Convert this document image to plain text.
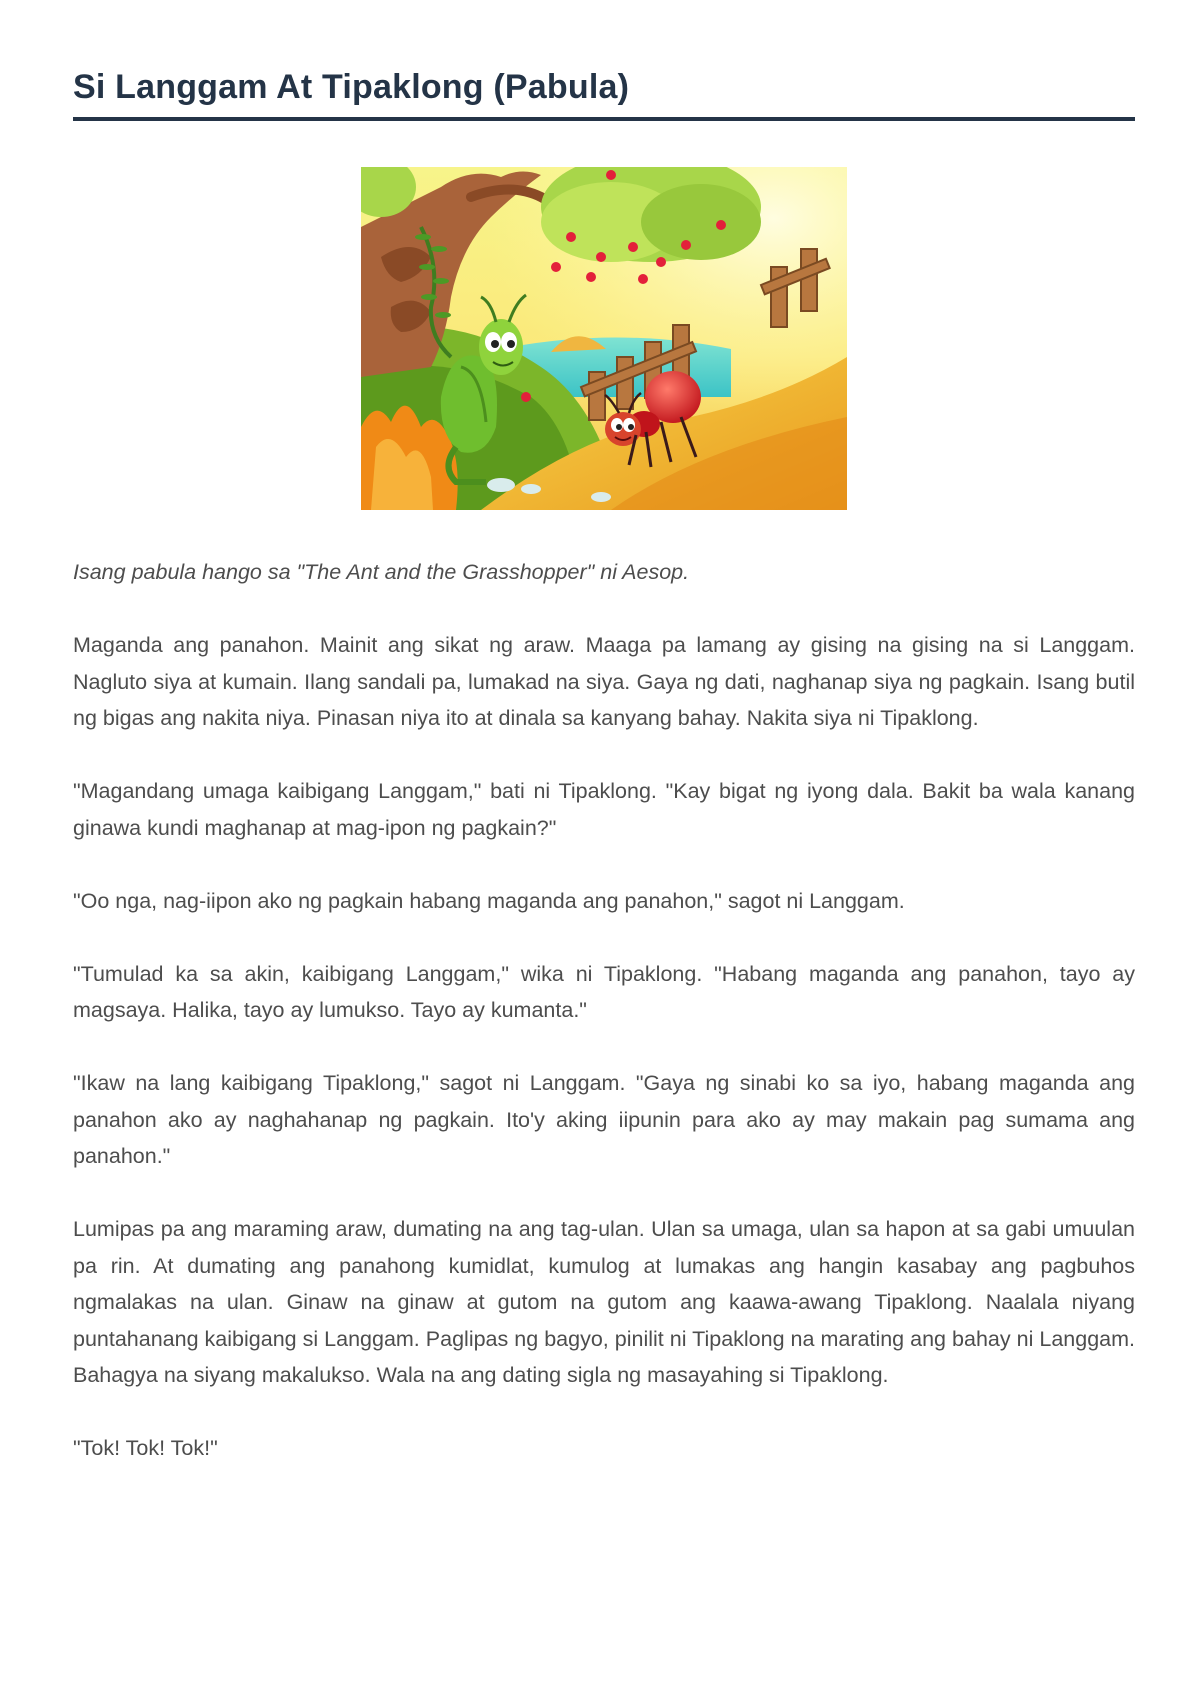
Si Langgam At Tipaklong (Pabula)

Isang pabula hango sa "The Ant and the Grasshopper" ni Aesop.

Maganda ang panahon. Mainit ang sikat ng araw. Maaga pa lamang ay gising na gising na si Langgam. Nagluto siya at kumain. Ilang sandali pa, lumakad na siya. Gaya ng dati, naghanap siya ng pagkain. Isang butil ng bigas ang nakita niya. Pinasan niya ito at dinala sa kanyang bahay. Nakita siya ni Tipaklong.

"Magandang umaga kaibigang Langgam," bati ni Tipaklong. "Kay bigat ng iyong dala. Bakit ba wala kanang ginawa kundi maghanap at mag-ipon ng pagkain?"

"Oo nga, nag-iipon ako ng pagkain habang maganda ang panahon," sagot ni Langgam.

"Tumulad ka sa akin, kaibigang Langgam," wika ni Tipaklong. "Habang maganda ang panahon, tayo ay magsaya. Halika, tayo ay lumukso. Tayo ay kumanta."

"Ikaw na lang kaibigang Tipaklong," sagot ni Langgam. "Gaya ng sinabi ko sa iyo, habang maganda ang panahon ako ay naghahanap ng pagkain. Ito'y aking iipunin para ako ay may makain pag sumama ang panahon."

Lumipas pa ang maraming araw, dumating na ang tag-ulan. Ulan sa umaga, ulan sa hapon at sa gabi umuulan pa rin. At dumating ang panahong kumidlat, kumulog at lumakas ang hangin kasabay ang pagbuhos ngmalakas na ulan. Ginaw na ginaw at gutom na gutom ang kaawa-awang Tipaklong. Naalala niyang puntahanang kaibigang si Langgam. Paglipas ng bagyo, pinilit ni Tipaklong na marating ang bahay ni Langgam. Bahagya na siyang makalukso. Wala na ang dating sigla ng masayahing si Tipaklong.

"Tok! Tok! Tok!"
